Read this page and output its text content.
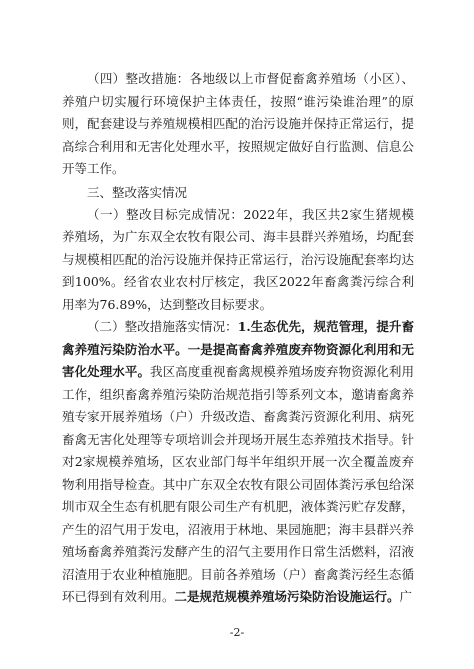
（四）整改措施：各地级以上市督促畜禽养殖场（小区）、养殖户切实履行环境保护主体责任，按照“谁污染谁治理”的原则，配套建设与养殖规模相匹配的治污设施并保持正常运行，提高综合利用和无害化处理水平，按照规定做好自行监测、信息公开等工作。

三、整改落实情况

（一）整改目标完成情况：2022年，我区共2家生猪规模养殖场，为广东双全农牧有限公司、海丰县群兴养殖场，均配套与规模相匹配的治污设施并保持正常运行，治污设施配套率均达到100%。经省农业农村厅核定，我区2022年畜禽粪污综合利用率为76.89%，达到整改目标要求。

（二）整改措施落实情况：1.生态优先，规范管理，提升畜禽养殖污染防治水平。一是提高畜禽养殖废弃物资源化利用和无害化处理水平。我区高度重视畜禽规模养殖场废弃物资源化利用工作，组织畜禽养殖污染防治规范指引等系列文本，邀请畜禽养殖专家开展养殖场（户）升级改造、畜禽粪污资源化利用、病死畜禽无害化处理等专项培训会并现场开展生态养殖技术指导。针对2家规模养殖场，区农业部门每半年组织开展一次全覆盖废弃物利用指导检查。其中广东双全农牧有限公司固体粪污承包给深圳市双全生态有机肥有限公司生产有机肥，液体粪污贮存发酵，产生的沼气用于发电，沼液用于林地、果园施肥；海丰县群兴养殖场畜禽养殖粪污发酵产生的沼气主要用作日常生活燃料，沼液沼渣用于农业种植施肥。目前各养殖场（户）畜禽粪污经生态循环已得到有效利用。二是规范规模养殖场污染防治设施运行。广

-2-
